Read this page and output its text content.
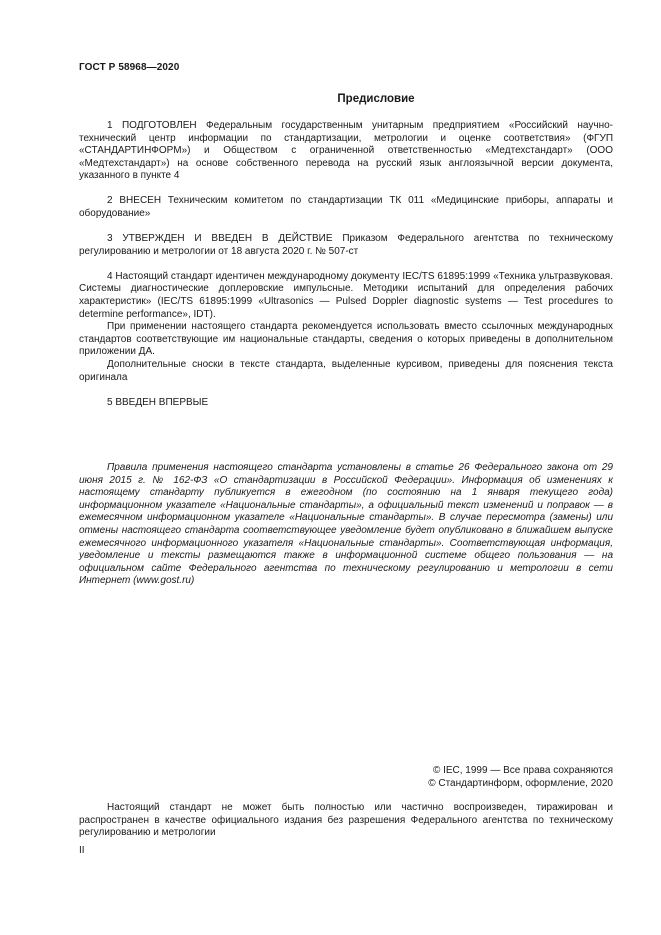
ГОСТ Р 58968—2020
Предисловие

1 ПОДГОТОВЛЕН Федеральным государственным унитарным предприятием «Российский научно-технический центр информации по стандартизации, метрологии и оценке соответствия» (ФГУП «СТАНДАРТИНФОРМ») и Обществом с ограниченной ответственностью «Медтехстандарт» (ООО «Медтехстандарт») на основе собственного перевода на русский язык англоязычной версии документа, указанного в пункте 4

2 ВНЕСЕН Техническим комитетом по стандартизации ТК 011 «Медицинские приборы, аппараты и оборудование»

3 УТВЕРЖДЕН И ВВЕДЕН В ДЕЙСТВИЕ Приказом Федерального агентства по техническому регулированию и метрологии от 18 августа 2020 г. № 507-ст

4 Настоящий стандарт идентичен международному документу IEC/TS 61895:1999 «Техника ультразвуковая. Системы диагностические доплеровские импульсные. Методики испытаний для определения рабочих характеристик» (IEC/TS 61895:1999 «Ultrasonics — Pulsed Doppler diagnostic systems — Test procedures to determine performance», IDT).

При применении настоящего стандарта рекомендуется использовать вместо ссылочных международных стандартов соответствующие им национальные стандарты, сведения о которых приведены в дополнительном приложении ДА.

Дополнительные сноски в тексте стандарта, выделенные курсивом, приведены для пояснения текста оригинала

5 ВВЕДЕН ВПЕРВЫЕ

Правила применения настоящего стандарта установлены в статье 26 Федерального закона от 29 июня 2015 г. № 162-ФЗ «О стандартизации в Российской Федерации». Информация об изменениях к настоящему стандарту публикуется в ежегодном (по состоянию на 1 января текущего года) информационном указателе «Национальные стандарты», а официальный текст изменений и поправок — в ежемесячном информационном указателе «Национальные стандарты». В случае пересмотра (замены) или отмены настоящего стандарта соответствующее уведомление будет опубликовано в ближайшем выпуске ежемесячного информационного указателя «Национальные стандарты». Соответствующая информация, уведомление и тексты размещаются также в информационной системе общего пользования — на официальном сайте Федерального агентства по техническому регулированию и метрологии в сети Интернет (www.gost.ru)

© IEC, 1999 — Все права сохраняются
© Стандартинформ, оформление, 2020

Настоящий стандарт не может быть полностью или частично воспроизведен, тиражирован и распространен в качестве официального издания без разрешения Федерального агентства по техническому регулированию и метрологии

II
